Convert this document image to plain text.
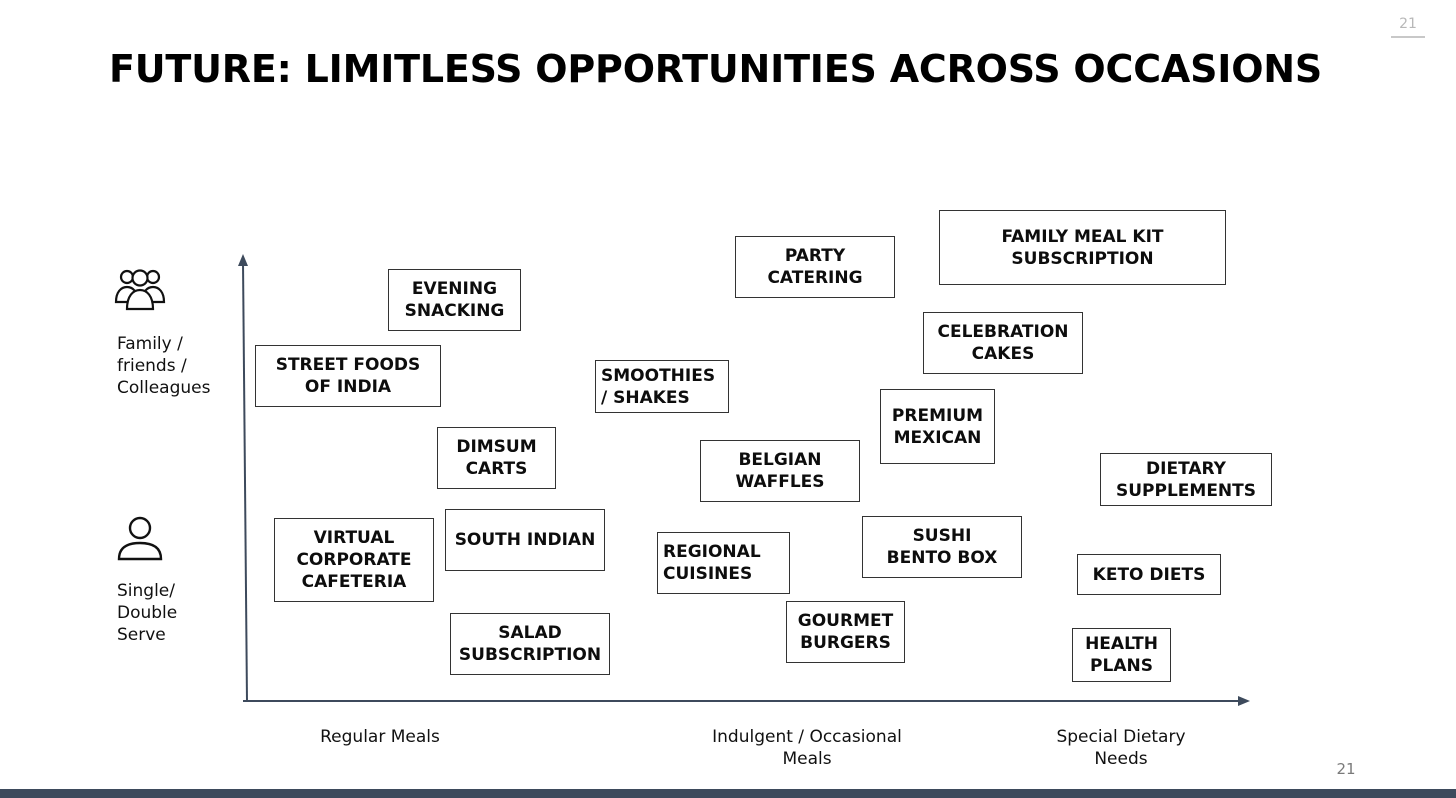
21
FUTURE: LIMITLESS OPPORTUNITIES ACROSS OCCASIONS
Family /
friends /
Colleagues
Single/
Double
Serve
Regular Meals	Indulgent / Occasional
Meals
Special Dietary
Needs
EVENING
SNACKING
STREET FOODS
OF INDIA
DIMSUM
CARTS
VIRTUAL
CORPORATE
CAFETERIA
SOUTH INDIAN
SALAD
SUBSCRIPTION
SMOOTHIES
/ SHAKES
PARTY
CATERING
BELGIAN
WAFFLES
REGIONAL
CUISINES
GOURMET
BURGERS
FAMILY MEAL KIT
SUBSCRIPTION
CELEBRATION
CAKES
PREMIUM
MEXICAN
SUSHI
BENTO BOX
DIETARY
SUPPLEMENTS
KETO DIETS
HEALTH
PLANS
21
